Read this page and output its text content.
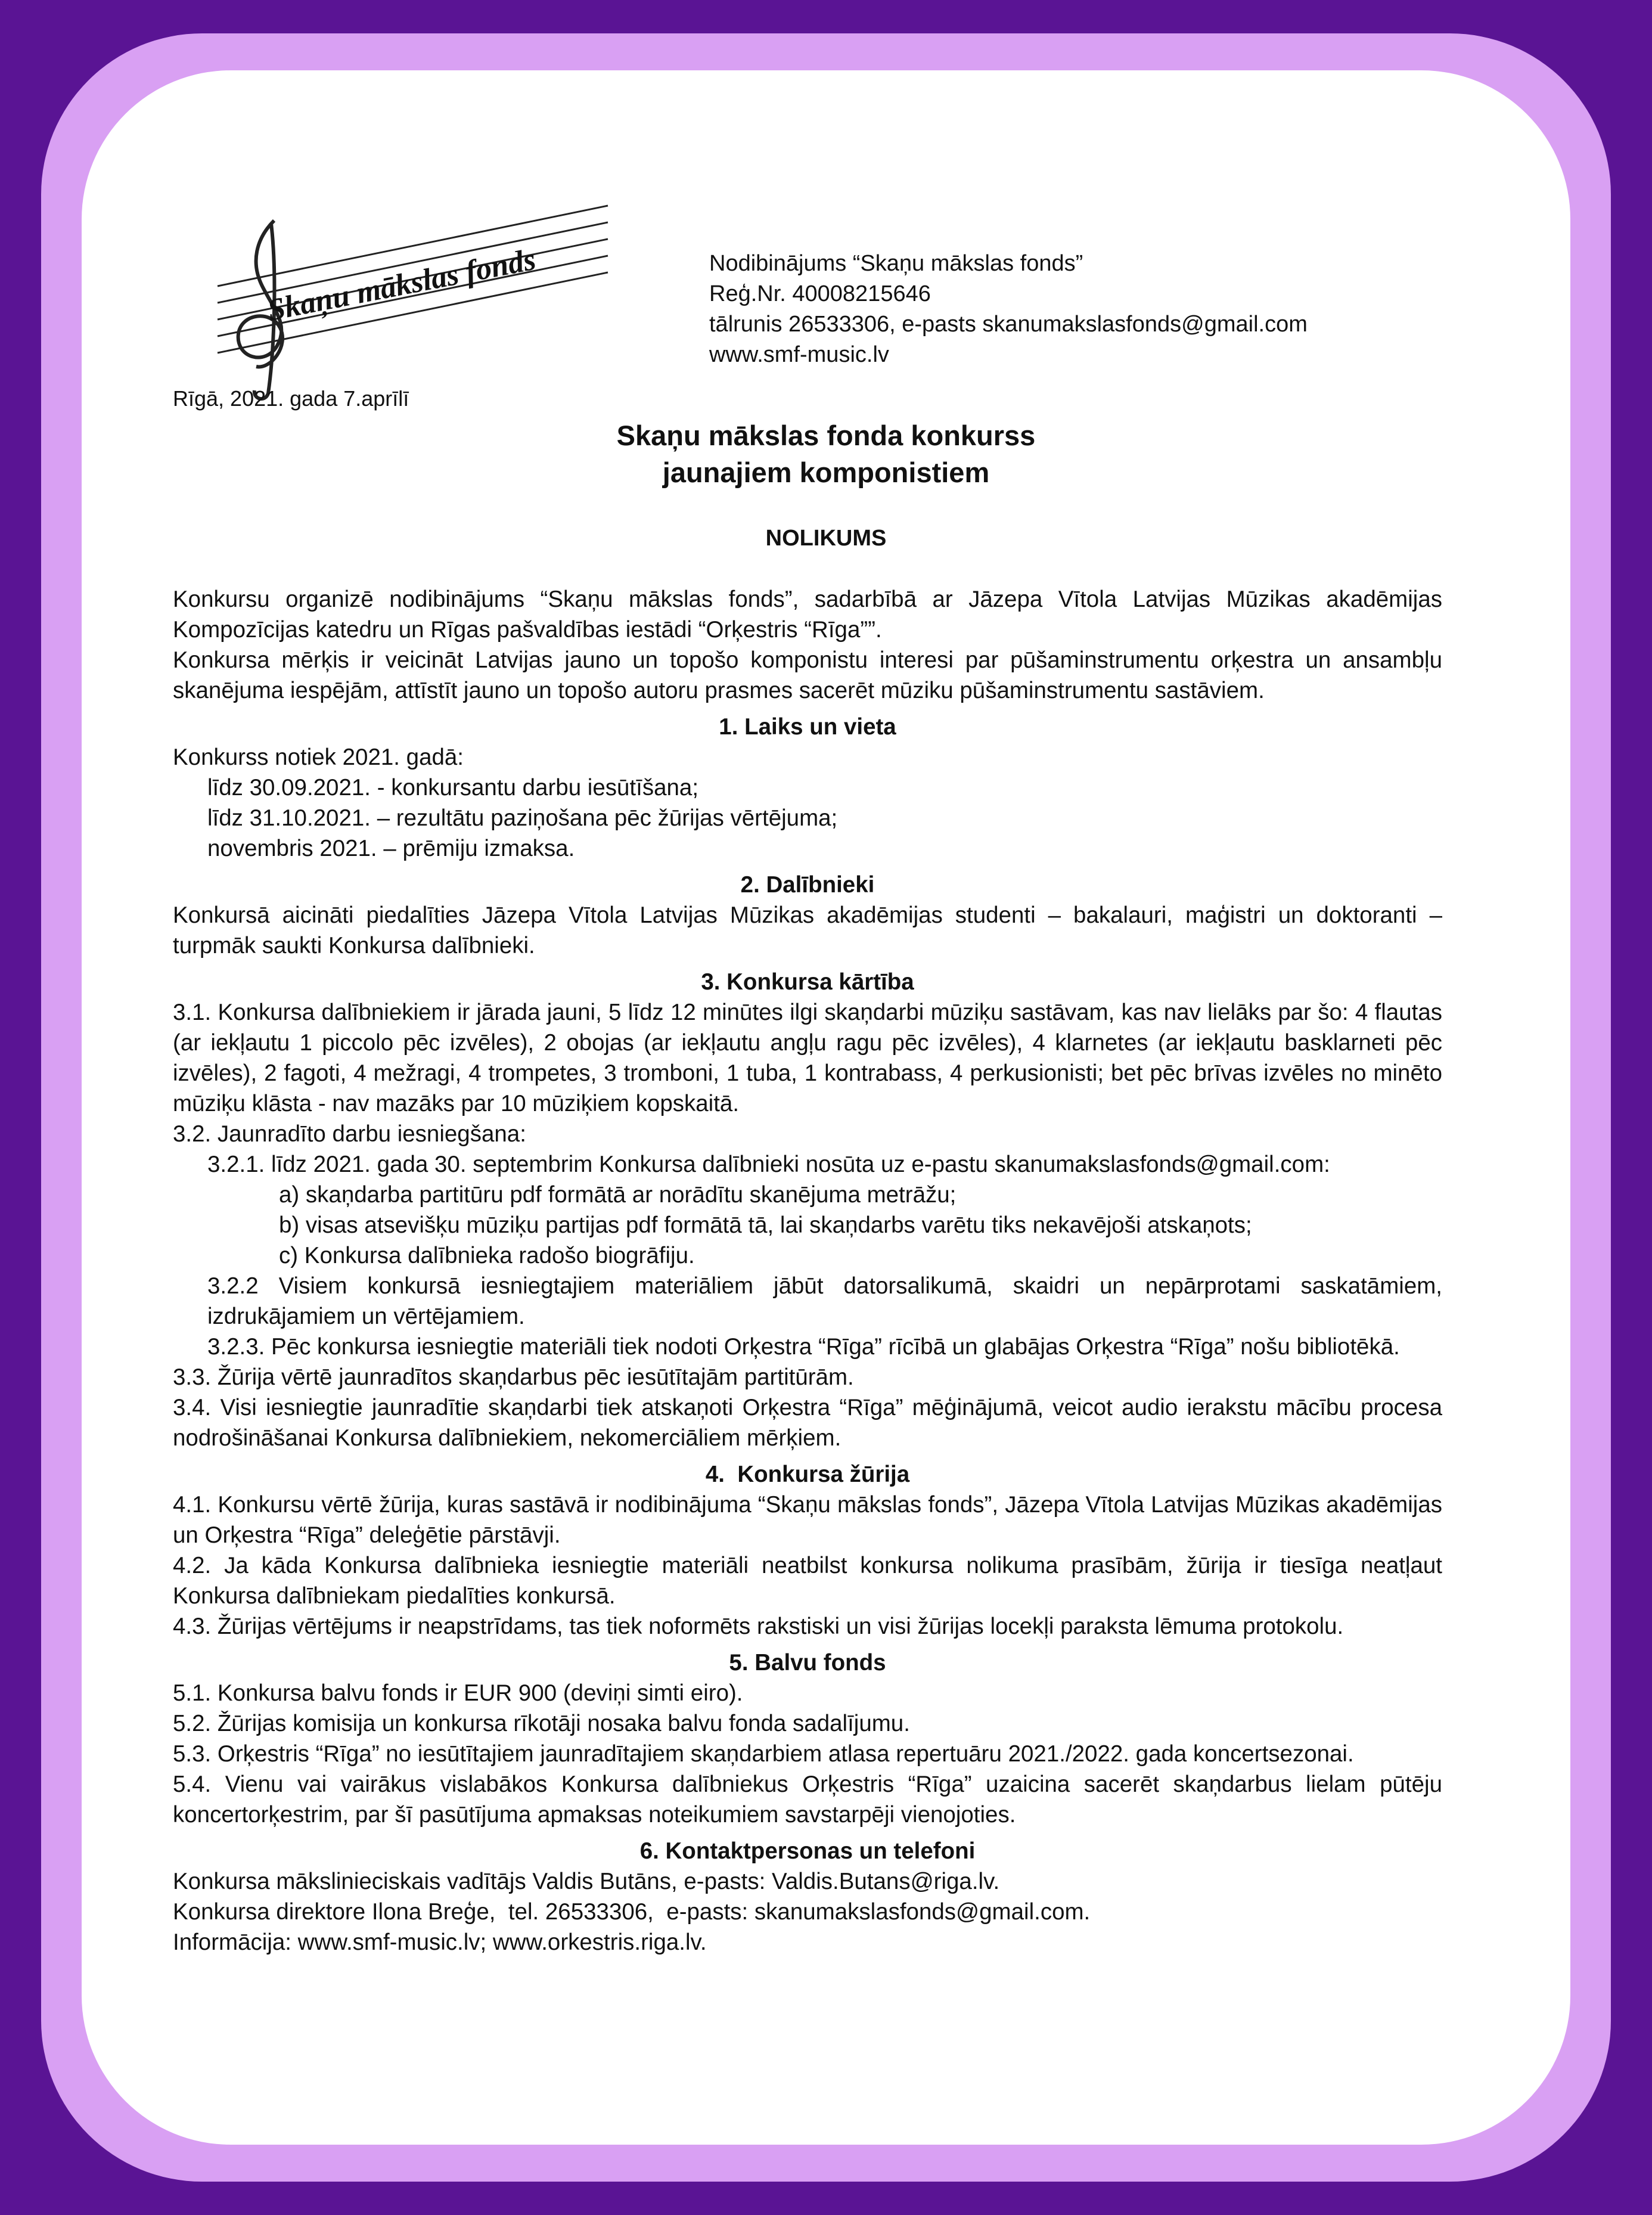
Skaņu mākslas fonds	Nodibinājums “Skaņu mākslas fonds”
Reģ.Nr. 40008215646
tālrunis 26533306, e-pasts skanumakslasfonds@gmail.com
www.smf-music.lv
Rīgā, 2021. gada 7.aprīlī
Skaņu mākslas fonda konkurss
jaunajiem komponistiem
NOLIKUMS

Konkursu organizē nodibinājums “Skaņu mākslas fonds”, sadarbībā ar Jāzepa Vītola Latvijas Mūzikas akadēmijas Kompozīcijas katedru un Rīgas pašvaldības iestādi “Orķestris “Rīga””.

Konkursa mērķis ir veicināt Latvijas jauno un topošo komponistu interesi par pūšaminstrumentu orķestra un ansambļu skanējuma iespējām, attīstīt jauno un topošo autoru prasmes sacerēt mūziku pūšaminstrumentu sastāviem.

1. Laiks un vieta

Konkurss notiek 2021. gadā:

līdz 30.09.2021. - konkursantu darbu iesūtīšana;

līdz 31.10.2021. – rezultātu paziņošana pēc žūrijas vērtējuma;

novembris 2021. – prēmiju izmaksa.

2. Dalībnieki

Konkursā aicināti piedalīties Jāzepa Vītola Latvijas Mūzikas akadēmijas studenti – bakalauri, maģistri un doktoranti – turpmāk saukti Konkursa dalībnieki.

3. Konkursa kārtība

3.1. Konkursa dalībniekiem ir jārada jauni, 5 līdz 12 minūtes ilgi skaņdarbi mūziķu sastāvam, kas nav lielāks par šo: 4 flautas (ar iekļautu 1 piccolo pēc izvēles), 2 obojas (ar iekļautu angļu ragu pēc izvēles), 4 klarnetes (ar iekļautu basklarneti pēc izvēles), 2 fagoti, 4 mežragi, 4 trompetes, 3 tromboni, 1 tuba, 1 kontrabass, 4 perkusionisti; bet pēc brīvas izvēles no minēto mūziķu klāsta - nav mazāks par 10 mūziķiem kopskaitā.

3.2. Jaunradīto darbu iesniegšana:

3.2.1. līdz 2021. gada 30. septembrim Konkursa dalībnieki nosūta uz e-pastu skanumakslasfonds@gmail.com:

a) skaņdarba partitūru pdf formātā ar norādītu skanējuma metrāžu;

b) visas atsevišķu mūziķu partijas pdf formātā tā, lai skaņdarbs varētu tiks nekavējoši atskaņots;

c) Konkursa dalībnieka radošo biogrāfiju.

3.2.2 Visiem konkursā iesniegtajiem materiāliem jābūt datorsalikumā, skaidri un nepārprotami saskatāmiem, izdrukājamiem un vērtējamiem.

3.2.3. Pēc konkursa iesniegtie materiāli tiek nodoti Orķestra “Rīga” rīcībā un glabājas Orķestra “Rīga” nošu bibliotēkā.

3.3. Žūrija vērtē jaunradītos skaņdarbus pēc iesūtītajām partitūrām.

3.4. Visi iesniegtie jaunradītie skaņdarbi tiek atskaņoti Orķestra “Rīga” mēģinājumā, veicot audio ierakstu mācību procesa nodrošināšanai Konkursa dalībniekiem, nekomerciāliem mērķiem.

4.  Konkursa žūrija

4.1. Konkursu vērtē žūrija, kuras sastāvā ir nodibinājuma “Skaņu mākslas fonds”, Jāzepa Vītola Latvijas Mūzikas akadēmijas un Orķestra “Rīga” deleģētie pārstāvji.

4.2. Ja kāda Konkursa dalībnieka iesniegtie materiāli neatbilst konkursa nolikuma prasībām, žūrija ir tiesīga neatļaut Konkursa dalībniekam piedalīties konkursā.

4.3. Žūrijas vērtējums ir neapstrīdams, tas tiek noformēts rakstiski un visi žūrijas locekļi paraksta lēmuma protokolu.

5. Balvu fonds

5.1. Konkursa balvu fonds ir EUR 900 (deviņi simti eiro).

5.2. Žūrijas komisija un konkursa rīkotāji nosaka balvu fonda sadalījumu.

5.3. Orķestris “Rīga” no iesūtītajiem jaunradītajiem skaņdarbiem atlasa repertuāru 2021./2022. gada koncertsezonai.

5.4. Vienu vai vairākus vislabākos Konkursa dalībniekus Orķestris “Rīga” uzaicina sacerēt skaņdarbus lielam pūtēju koncertorķestrim, par šī pasūtījuma apmaksas noteikumiem savstarpēji vienojoties.

6. Kontaktpersonas un telefoni

Konkursa mākslinieciskais vadītājs Valdis Butāns, e-pasts: Valdis.Butans@riga.lv.

Konkursa direktore Ilona Breģe,  tel. 26533306,  e-pasts: skanumakslasfonds@gmail.com.

Informācija: www.smf-music.lv; www.orkestris.riga.lv.
